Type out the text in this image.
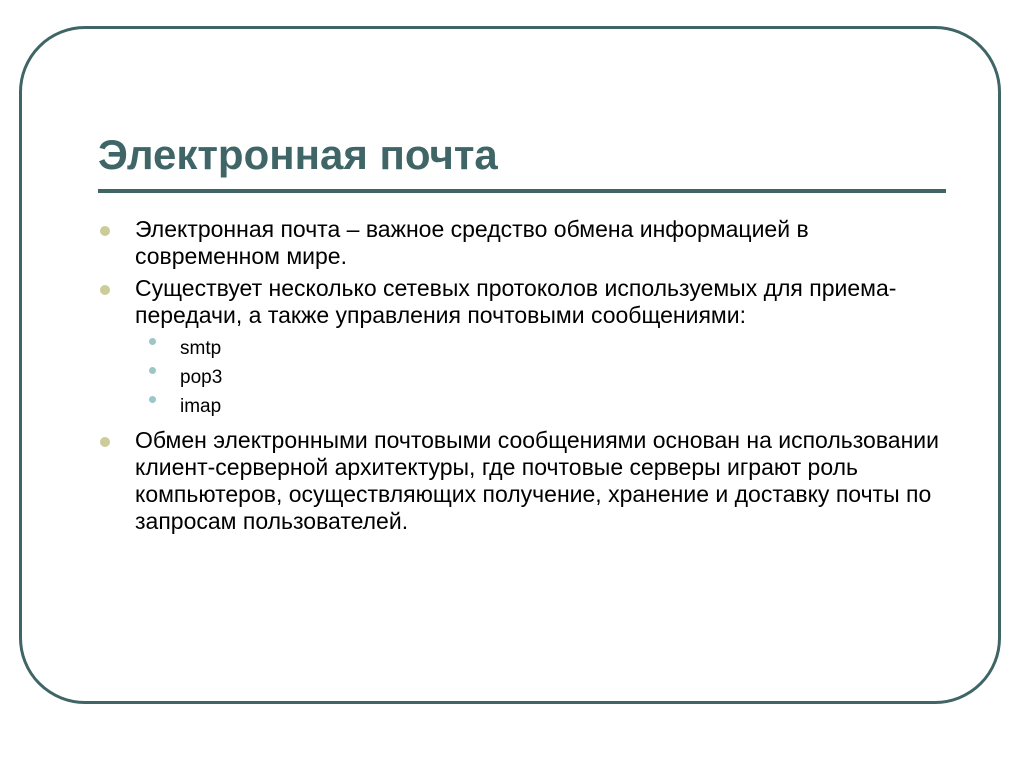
Электронная почта
Электронная почта – важное средство обмена информацией в современном мире.
Существует несколько сетевых протоколов используемых для приема-передачи, а также управления почтовыми сообщениями:
smtp
pop3
imap
Обмен электронными почтовыми сообщениями основан на использовании клиент-серверной архитектуры, где почтовые серверы играют роль компьютеров, осуществляющих получение, хранение и доставку почты по запросам пользователей.
